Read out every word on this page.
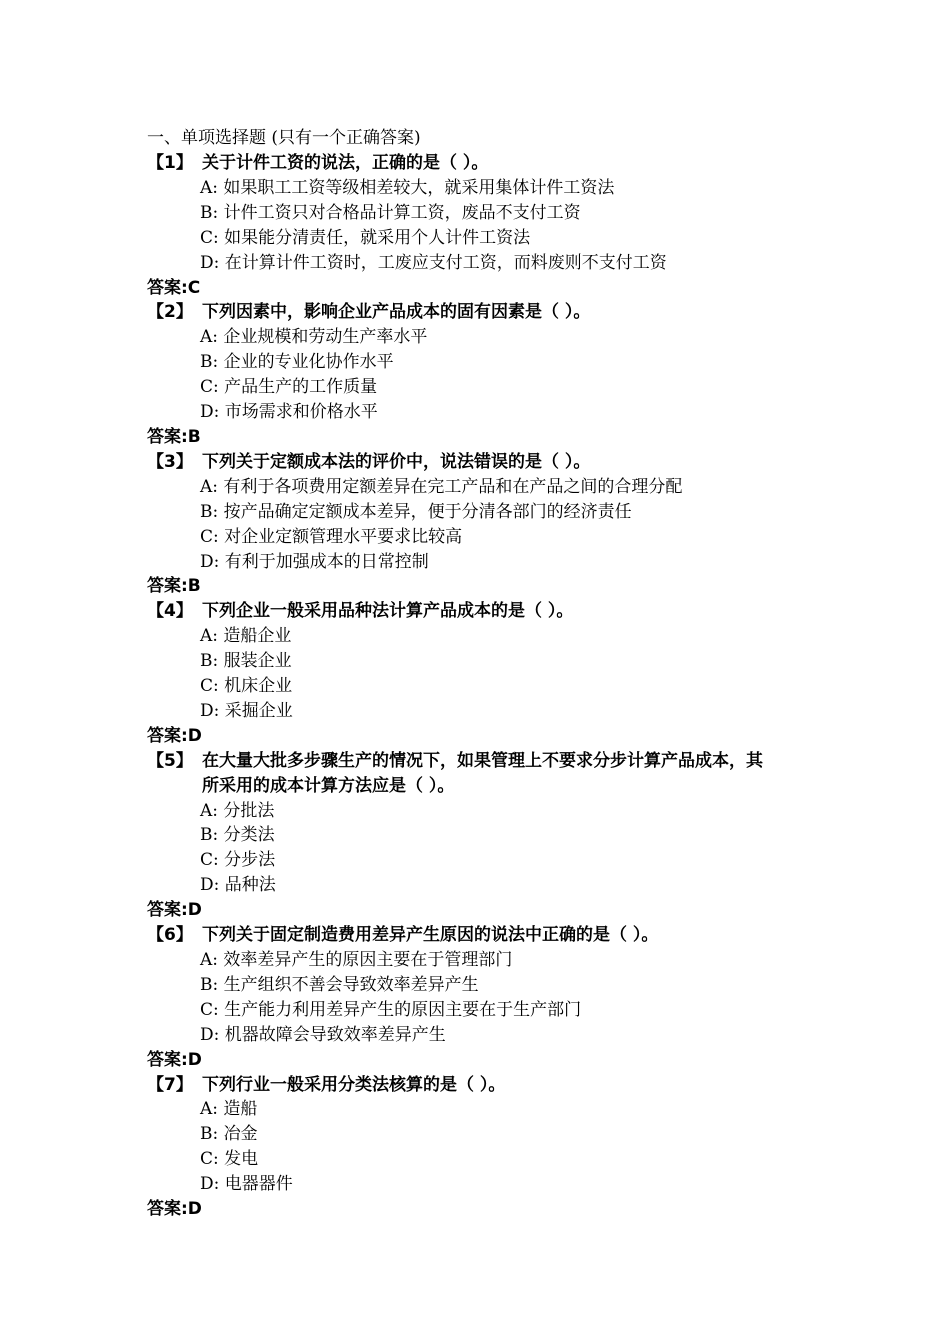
一、单项选择题 (只有一个正确答案)
【1】 关于计件工资的说法，正确的是（ ）。
A: 如果职工工资等级相差较大，就采用集体计件工资法
B: 计件工资只对合格品计算工资，废品不支付工资
C: 如果能分清责任，就采用个人计件工资法
D: 在计算计件工资时，工废应支付工资，而料废则不支付工资
答案:C
【2】 下列因素中，影响企业产品成本的固有因素是（ ）。
A: 企业规模和劳动生产率水平
B: 企业的专业化协作水平
C: 产品生产的工作质量
D: 市场需求和价格水平
答案:B
【3】 下列关于定额成本法的评价中，说法错误的是（ ）。
A: 有利于各项费用定额差异在完工产品和在产品之间的合理分配
B: 按产品确定定额成本差异，便于分清各部门的经济责任
C: 对企业定额管理水平要求比较高
D: 有利于加强成本的日常控制
答案:B
【4】 下列企业一般采用品种法计算产品成本的是（ ）。
A: 造船企业
B: 服装企业
C: 机床企业
D: 采掘企业
答案:D
【5】 在大量大批多步骤生产的情况下，如果管理上不要求分步计算产品成本，其所采用的成本计算方法应是（ ）。
A: 分批法
B: 分类法
C: 分步法
D: 品种法
答案:D
【6】 下列关于固定制造费用差异产生原因的说法中正确的是（ ）。
A: 效率差异产生的原因主要在于管理部门
B: 生产组织不善会导致效率差异产生
C: 生产能力利用差异产生的原因主要在于生产部门
D: 机器故障会导致效率差异产生
答案:D
【7】 下列行业一般采用分类法核算的是（ ）。
A: 造船
B: 冶金
C: 发电
D: 电器器件
答案:D
